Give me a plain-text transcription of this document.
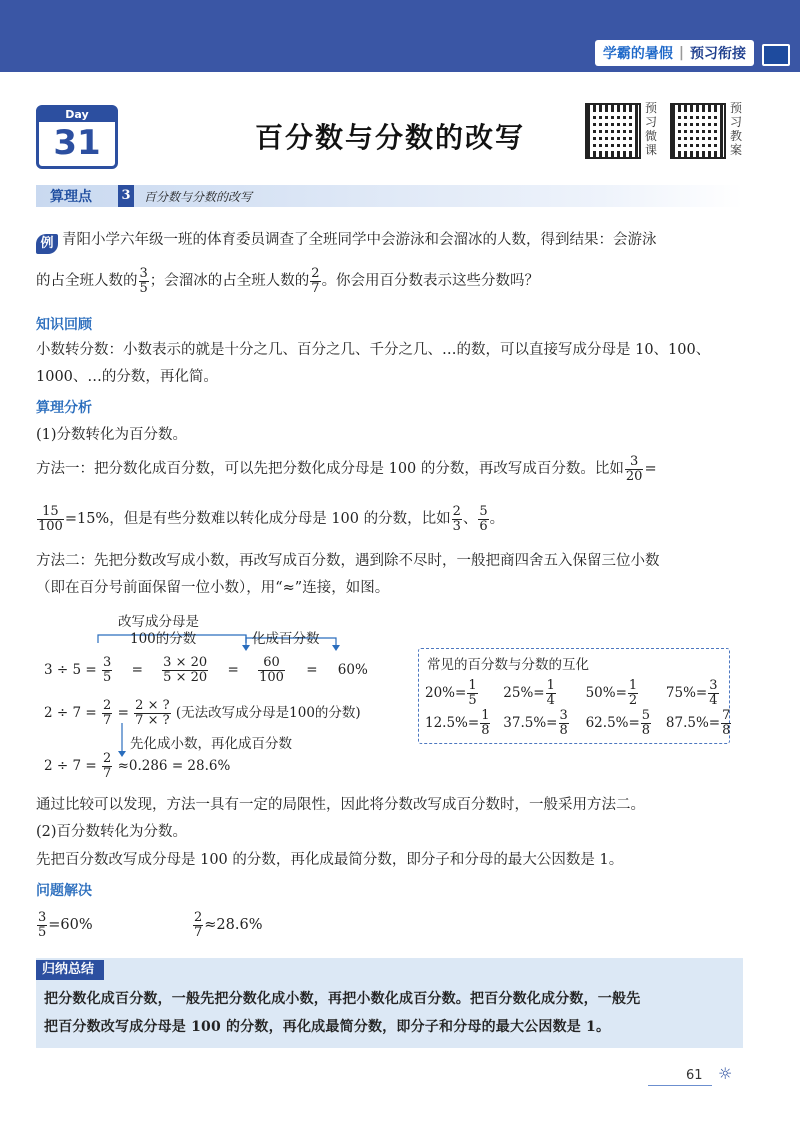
学霸的暑假 | 预习衔接
Day
31	百分数与分数的改写
预习微课
预习教案
算理点 3 百分数与分数的改写
例 青阳小学六年级一班的体育委员调查了全班同学中会游泳和会溜冰的人数，得到结果：会游泳
的占全班人数的 $\frac{3}{5}$ ；会溜冰的占全班人数的 $\frac{2}{7}$ 。你会用百分数表示这些分数吗？
知识回顾
小数转分数：小数表示的就是十分之几、百分之几、千分之几、…的数，可以直接写成分母是 10、100、
1000、…的分数，再化简。
算理分析
(1)分数转化为百分数。
方法一：把分数化成百分数，可以先把分数化成分母是 100 的分数，再改写成百分数。比如 $\frac{3}{20}$ =
$\frac{15}{100} =15\%$，但是有些分数难以转化成分母是 100 的分数，比如 $\frac{2}{3}$ 、 $\frac{5}{6}$ 。
方法二：先把分数改写成小数，再改写成百分数，遇到除不尽时，一般把商四舍五入保留三位小数
（即在百分号前面保留一位小数），用“≈”连接，如图。
改写成分母是
100的分数	化成百分数
$3 \div 5 = \frac{3}{5} = \frac{3 \times 20}{5 \times 20} = \frac{60}{100} = 60\%$
$2 \div 7 = \frac{2}{7} = \frac{2 \times ?}{7 \times ?}$ (无法改写成分母是100的分数)
先化成小数，再化成百分数
$2 \div 7 = \frac{2}{7} \approx 0.286 = 28.6\%$
常见的百分数与分数的互化
$20\%= \frac{1}{5} 25\%= \frac{1}{4} 50\%= \frac{1}{2} 75\%= \frac{3}{4}$
$12.5\%= \frac{1}{8} 37.5\%= \frac{3}{8} 62.5\%= \frac{5}{8} 87.5\%= \frac{7}{8}$
通过比较可以发现，方法一具有一定的局限性，因此将分数改写成百分数时，一般采用方法二。
(2)百分数转化为分数。
先把百分数改写成分母是 100 的分数，再化成最简分数，即分子和分母的最大公因数是 1。
问题解决
$\frac{3}{5} =60\%$	$\frac{2}{7} \approx 28.6\%$
归纳总结
把分数化成百分数，一般先把分数化成小数，再把小数化成百分数。把百分数化成分数，一般先
把百分数改写成分母是 100 的分数，再化成最简分数，即分子和分母的最大公因数是 1。
61 ☼
